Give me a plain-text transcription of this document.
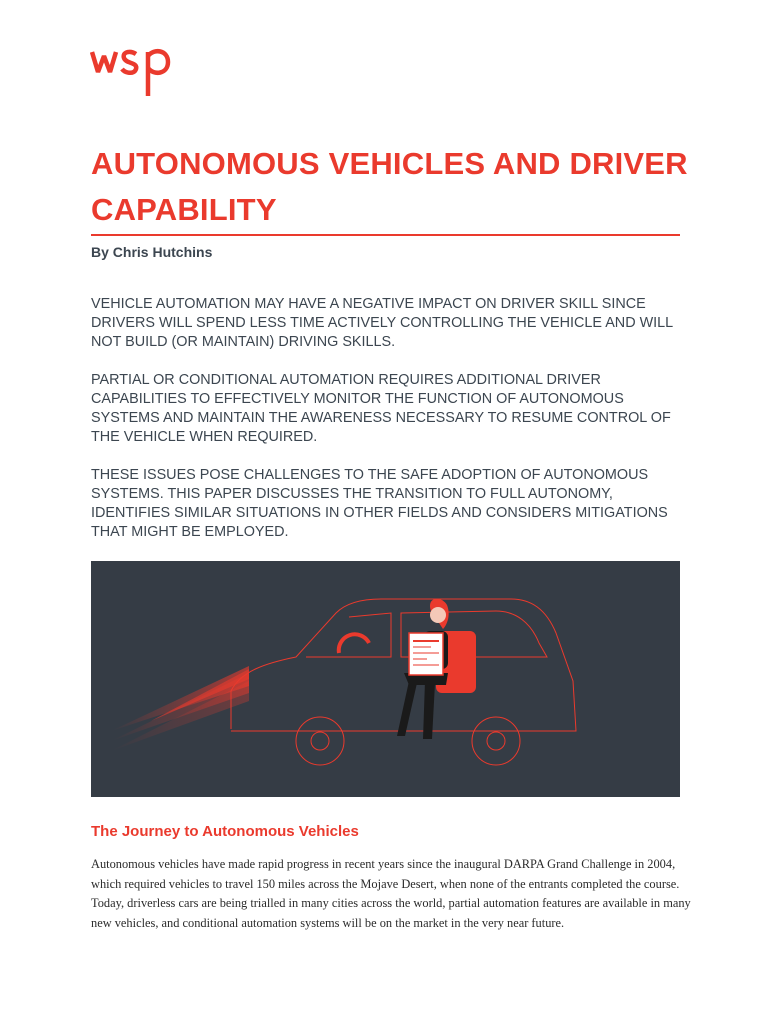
AUTONOMOUS VEHICLES AND DRIVER CAPABILITY
By Chris Hutchins

VEHICLE AUTOMATION MAY HAVE A NEGATIVE IMPACT ON DRIVER SKILL SINCE DRIVERS WILL SPEND LESS TIME ACTIVELY CONTROLLING THE VEHICLE AND WILL NOT BUILD (OR MAINTAIN) DRIVING SKILLS.

PARTIAL OR CONDITIONAL AUTOMATION REQUIRES ADDITIONAL DRIVER CAPABILITIES TO EFFECTIVELY MONITOR THE FUNCTION OF AUTONOMOUS SYSTEMS AND MAINTAIN THE AWARENESS NECESSARY TO RESUME CONTROL OF THE VEHICLE WHEN REQUIRED.

THESE ISSUES POSE CHALLENGES TO THE SAFE ADOPTION OF AUTONOMOUS SYSTEMS. THIS PAPER DISCUSSES THE TRANSITION TO FULL AUTONOMY, IDENTIFIES SIMILAR SITUATIONS IN OTHER FIELDS AND CONSIDERS MITIGATIONS THAT MIGHT BE EMPLOYED.

The Journey to Autonomous Vehicles

Autonomous vehicles have made rapid progress in recent years since the inaugural DARPA Grand Challenge in 2004, which required vehicles to travel 150 miles across the Mojave Desert, when none of the entrants completed the course. Today, driverless cars are being trialled in many cities across the world, partial automation features are available in many new vehicles, and conditional automation systems will be on the market in the very near future.
